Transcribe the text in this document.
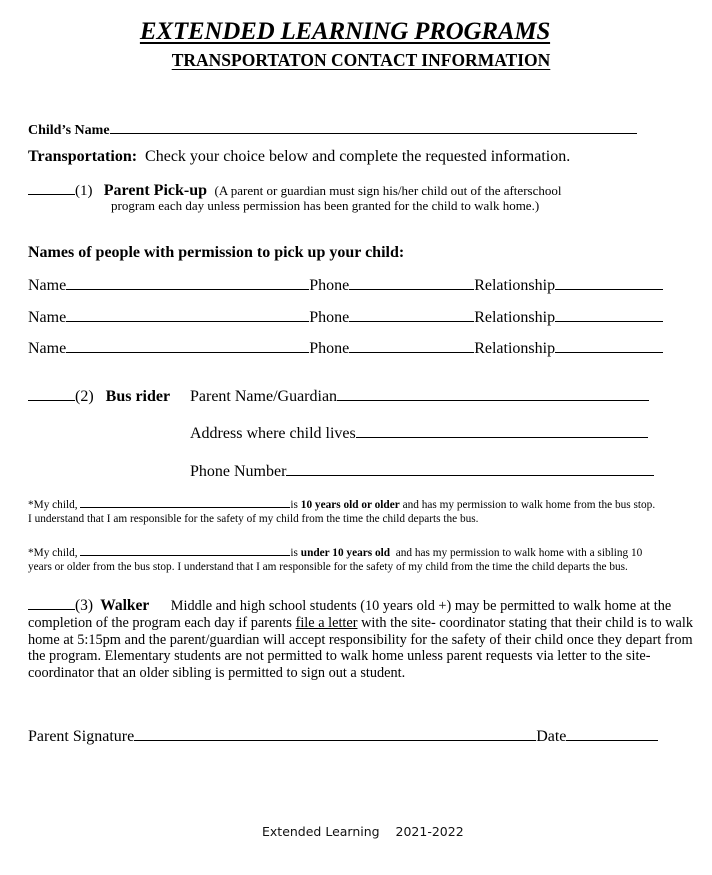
EXTENDED LEARNING PROGRAMS
TRANSPORTATON CONTACT INFORMATION
Child’s Name
Transportation: Check your choice below and complete the requested information.
(1) Parent Pick-up (A parent or guardian must sign his/her child out of the afterschool
program each day unless permission has been granted for the child to walk home.)
Names of people with permission to pick up your child:
Name	Phone	Relationship
Name	Phone	Relationship
Name	Phone	Relationship
(2) Bus rider Parent Name/Guardian
Address where child lives
Phone Number
*My child,	is 10 years old or older and has my permission to walk home from the bus stop.
I understand that I am responsible for the safety of my child from the time the child departs the bus.
*My child,	is under 10 years old and has my permission to walk home with a sibling 10
years or older from the bus stop. I understand that I am responsible for the safety of my child from the time the child departs the bus.
(3) Walker Middle and high school students (10 years old +) may be permitted to walk home at the completion of the program each day if parents file a letter with the site- coordinator stating that their child is to walk home at 5:15pm and the parent/guardian will accept responsibility for the safety of their child once they depart from the program. Elementary students are not permitted to walk home unless parent requests via letter to the site-coordinator that an older sibling is permitted to sign out a student.
Parent Signature	Date
Extended Learning 2021-2022
